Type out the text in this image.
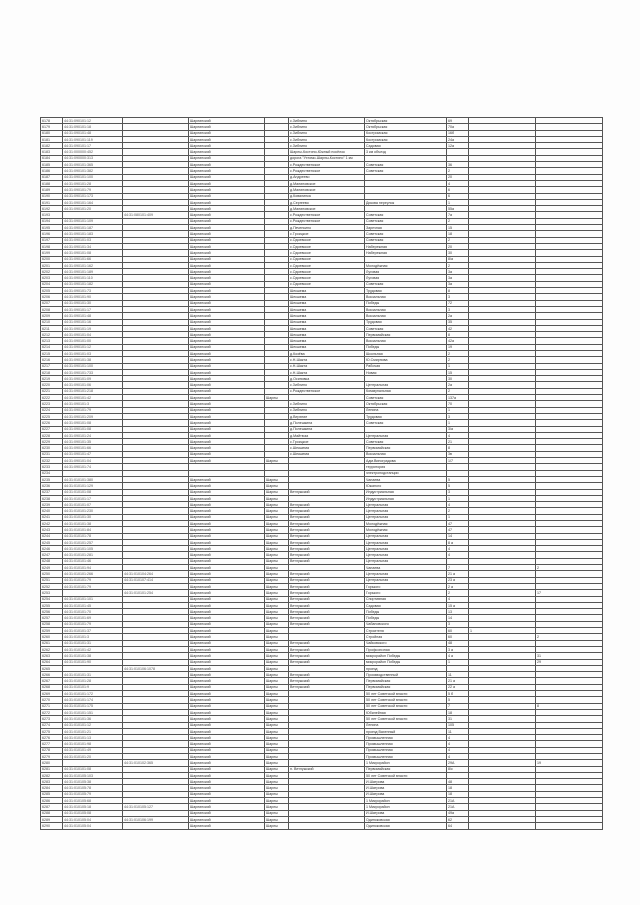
6178	44:31:090101:12		Шарлинский		с.Зиблино	Октябрьская	69		
6179	44:31:090101:18		Шарлинский		с.Зиблино	Октябрьская	70а		
6180	44:31:090101:48		Шарлинский		с.Зиблино	Костромская	16б		
6181	44:31:090101:119		Шарлинский		с.Зиблино	Костромская	24а		
6182	44:31:090101:17		Шарлинский		с.Зиблино	Садовая	12а		
6183	44:31:000000:452		Шарлинский		Шарлы-Костино-Южный посёлок	3 км объезд			
6184	44:31:090000:313		Шарлинский		дорога "Ухтомо-Шарлы-Костино" 1 км				
6185	44:31:090101:365		Шарлинский		с.Рождественское	Советская	36		
6186	44:31:090101:382		Шарлинский		с.Рождественское	Советская	2		
6187	44:31:090101:100		Шарлинский		д.Андреево		20		
6188	44:31:090101:28		Шарлинский		д.Малиновское		4		
6189	44:31:090101:79		Шарлинский		д.Малиновское		6		
6190	44:31:090101:173		Шарлинский		д.Ковалинка		6		
6191	44:31:090101:164		Шарлинский		д.Сергеево	Дикова переулок	1		
6192	44:31:090101:20		Шарлинский		д.Малиновское		55а		
6193		44:31:080101:409	Шарлинский		с.Рождественское	Советская	7а		
6194	44:31:090101:109		Шарлинский		с.Рождественское	Советская	2		
6195	44:31:090101:187		Шарлинский		д.Печенкино	Заречная	15		
6196	44:31:090101:183		Шарлинский		с.Троицкое	Советская	18		
6197	44:31:090101:03		Шарлинский		с.Одоевское	Советская	2		
6198	44:31:090101:34		Шарлинский		с.Одоевское	Набережная	20		
6199	44:31:090101:08		Шарлинский		с.Одоевское	Набережная	30		
6200	44:31:090101:66		Шарлинский		с.Одоевское		8/а		
6201	44:31:090101:162		Шарлинский		с.Одоевское	Молодёжная	2		
6202	44:31:090101:189		Шарлинский		с.Одоевское	Луговая	3а		
6203	44:31:090101:110		Шарлинский		с.Одоевское	Луговая	3а		
6204	44:31:090101:182		Шарлинский		с.Одоевское	Советская	3а		
6205	44:31:090101:73		Шарлинский		Шекшема	Трудовая	8		
6206	44:31:090101:90		Шарлинский		Шекшема	Вокзальная	3		
6207	44:31:090101:30		Шарлинский		Шекшема	Победы	72		
6208	44:31:090101:17		Шарлинский		Шекшема	Вокзальная	3		
6209	44:31:090101:48		Шарлинский		Шекшема	Вокзальная	2а		
6210	44:31:090101:16		Шарлинский		Шекшема	Трудовая	35		
6211	44:31:090101:19		Шарлинский		Шекшема	Советская	42		
6212	44:31:090101:04		Шарлинский		Шекшема	Первомайская	8		
6213	44:31:090101:00		Шарлинский		Шекшема	Вокзальная	42а		
6214	44:31:090101:12		Шарлинский		Шекшема	Победы	19		
6215	44:31:090101:03		Шарлинский		д.Козёва	Школьная	2		
6216	44:31:090101:38		Шарлинский		с.Н-Шакта	Ю.Смирнова	2		
6217	44:31:090101:100		Шарлинский		с.Н-Шакта	Рабочая	1		
6218	44:31:090101:733		Шарлинский		с.Н-Шакта	Новая	15		
6219	44:31:090101:09		Шарлинский		д.Осиповка		30		
6220	44:31:090101:06		Шарлинский		с.Зиблино	Центральная	2а		
6221	44:31:090101:218		Шарлинский		с.Рождественское	Коммунальная	2		
6222	44:31:090101:42		Шарлинский	Шарлы		Советская	137а		
6223	44:31:090101:3		Шарлинский		с.Зиблино	Октябрьская	70		
6224	44:31:090101:79		Шарлинский		с.Зиблино	Ленина	1		
6225	44:31:090101:209		Шарлинский		д.Верхние	Трудовая	3		
6226	44:31:090101:08		Шарлинский		д.Полешкина	Советская	1		
6227	44:31:090101:08		Шарлинский		д.Полешкина		3/а		
6228	44:31:090101:24		Шарлинский		д.Майтюза	Центральная	4		
6229	44:31:090101:35		Шарлинский		с.Троицкое	Советская	21		
6230	44:31:090101:66		Шарлинский		с.Шекшема	Первомайская	8		
6231	44:31:090101:47		Шарлинский		с.Шекшема	Вокзальная	3в		
6232	44:31:090101:04		Шарлинский	Шарлы		Адм.Виноградова	1/7		
6233	44:31:090101:74					территория			
6234						электроподстанции			
6235	44:31:010101:380		Шарлинский	Шарлы		Чапаева	5		
6236	44:31:010101:129		Шарлинский	Шарлы		Южаного	5		
6237	44:31:010101:08		Шарлинский	Шарлы	Ветлужский	Индустриальная	3		
6238	44:31:010101:17		Шарлинский	Шарлы		Индустриальная	1		
6239	44:31:010101:07		Шарлинский	Шарлы	Ветлужский	Центральная	4		
6240	44:31:010101:230		Шарлинский	Шарлы	Ветлужский	Центральная	2		
6241	44:31:010101:30		Шарлинский	Шарлы	Ветлужский	Центральная	1		
6242	44:31:010101:38		Шарлинский	Шарлы	Ветлужский	Молодёжная	47		
6243	44:31:010101:84		Шарлинский	Шарлы	Ветлужский	Молодёжная	47		
6244	44:31:010101:78		Шарлинский	Шарлы	Ветлужский	Центральная	14		
6245	44:31:010101:257		Шарлинский	Шарлы	Ветлужский	Центральная	8 а		
6246	44:31:010101:105		Шарлинский	Шарлы	Ветлужский	Центральная	4		
6247	44:31:010101:281		Шарлинский	Шарлы	Ветлужский	Центральная	4		
6248	44:31:010101:46		Шарлинский	Шарлы	Ветлужский	Центральная			
6249	44:31:010101:94		Шарлинский	Шарлы		Чапаева	7		2
6250	44:31:010101:266	44:31:010104:264	Шарлинский	Шарлы	Ветлужский	Центральная	21 а		
6251	44:31:010101:79	44:31:010107:414	Шарлинский	Шарлы	Ветлужский	Центральная	23 а		
6252	44:31:010101:79		Шарлинский	Шарлы	Ветлужский	Горького	2 а		
6253		44:31:010101:254	Шарлинский	Шарлы	Ветлужский	Горького	2		17
6254	44:31:010101:101		Шарлинский	Шарлы	Ветлужский	Спортивная	4		
6255	44:31:010101:45		Шарлинский	Шарлы	Ветлужский	Садовая	15 а		
6256	44:31:010101:70		Шарлинский	Шарлы	Ветлужский	Победы	13		
6257	44:31:010101:69		Шарлинский	Шарлы	Ветлужский	Победы	14		
6258	44:31:010101:79		Шарлинский	Шарлы	Ветлужский	Чабановского	3		
6259	44:31:010101:37		Шарлинский	Шарлы		Строителя	60	1	
6260	44:31:010101:3		Шарлинский	Шарлы		Стройная	60		2
6261	44:31:010101:31		Шарлинский	Шарлы	Ветлужский	Чайковского	48		
6262	44:31:010101:42		Шарлинский	Шарлы	Ветлужский	Профсоюзная	3 а		
6263	44:31:010101:38		Шарлинский	Шарлы	Ветлужский	микрорайон Победы	4 а		31
6264	44:31:010101:90		Шарлинский	Шарлы	Ветлужский	микрорайон Победы	1		29
6265		44:31:010106:1078	Шарлинский	Шарлы		проезд			
6266	44:31:010101:31		Шарлинский	Шарлы	Ветлужский	Производственный	11		
6267	44:31:010101:28		Шарлинский	Шарлы	Ветлужский	Первомайская	21 а		
6268	44:31:010101:9		Шарлинский	Шарлы	Ветлужский	Первомайская	22 а		
6269	44:31:010101:172		Шарлинский	Шарлы		50 лет Советской власти	5 б		
6270	44:31:010101:174		Шарлинский	Шарлы		50 лет Советской власти	5		
6271	44:31:010101:175		Шарлинский	Шарлы		50 лет Советской власти	7		8
6272	44:31:010101:151		Шарлинский	Шарлы		Юбилейная	18		
6273	44:31:010101:36		Шарлинский	Шарлы		50 лет Советской власти	31		
6274	44:31:010101:12		Шарлинский	Шарлы		Ленина	105		
6275	44:31:010101:21		Шарлинский	Шарлы		проезд Вахенный	11		
6276	44:31:010101:13		Шарлинский	Шарлы		Промышленная	4		
6277	44:31:010101:98		Шарлинский	Шарлы		Промышленная	4		
6278	44:31:010101:49		Шарлинский	Шарлы		Промышленная	4		
6279	44:31:010101:20		Шарлинский	Шарлы		Промышленная	4		
6280		44:31:010102:365	Шарлинский	Шарлы		1 Микрорайон	29А		19
6281	44:31:010101:08		Шарлинский	Шарлы	п. Ветлужский	Первомайская	8/с		
6282	44:31:010105:103		Шарлинский	Шарлы		50 лет Советской власти			
6283	44:31:010105:38		Шарлинский	Шарлы		И.Шатрова	48		
6284	44:31:010105:78		Шарлинский	Шарлы		И.Шатрова	18		
6285	44:31:010105:79		Шарлинский	Шарлы		И.Шатрова	18		
6286	44:31:010105:68		Шарлинский	Шарлы		1 Микрорайон	21А		
6287	44:31:010105:18	44:31:010105:127	Шарлинский	Шарлы		1 Микрорайон	21А		
6288	44:31:010105:08		Шарлинский	Шарлы		И.Шатрова	49а		
6289	44:31:010105:04	44:31:010106:199	Шарлинский	Шарлы		Одиноковская	62		
6290	44:31:010105:04		Шарлинский	Шарлы		Одиноковская	64		
